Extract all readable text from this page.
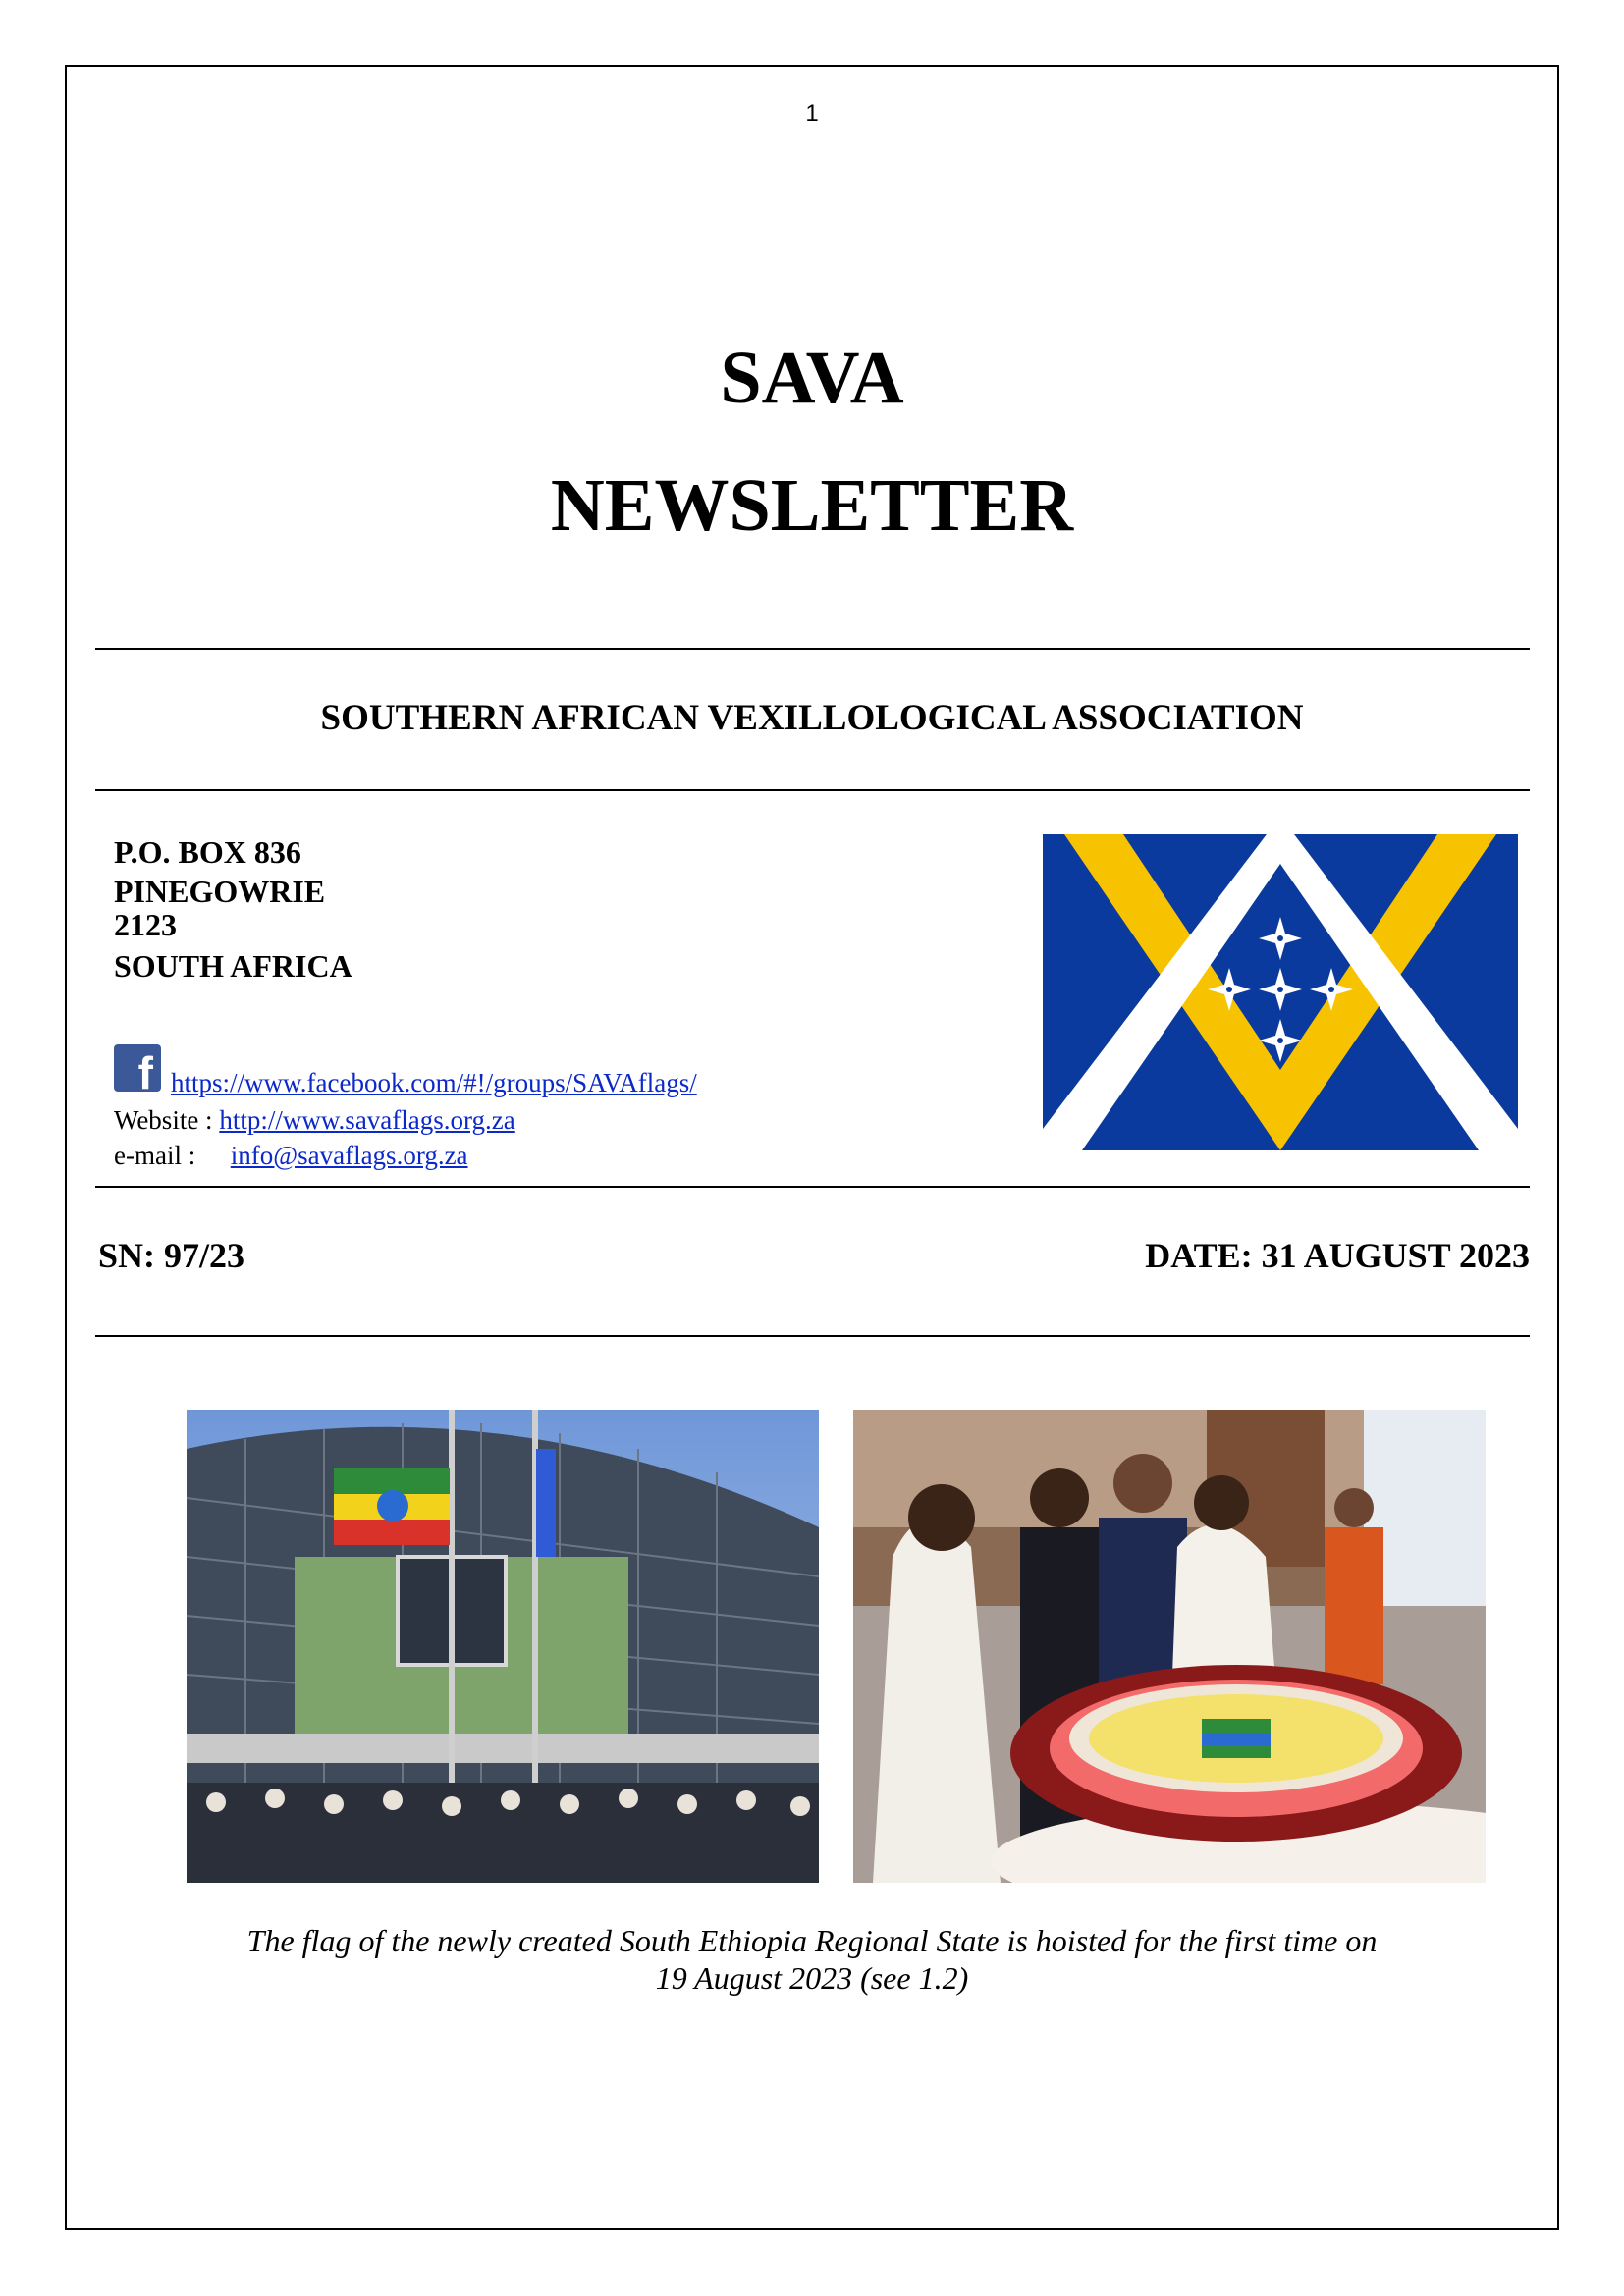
1
SAVA
NEWSLETTER
SOUTHERN AFRICAN VEXILLOLOGICAL ASSOCIATION
P.O. BOX 836
PINEGOWRIE
2123
SOUTH AFRICA
f https://www.facebook.com/#!/groups/SAVAflags/
Website : http://www.savaflags.org.za
e-mail : info@savaflags.org.za
SN: 97/23	DATE: 31 AUGUST 2023
The flag of the newly created South Ethiopia Regional State is hoisted for the first time on
19 August 2023 (see 1.2)
